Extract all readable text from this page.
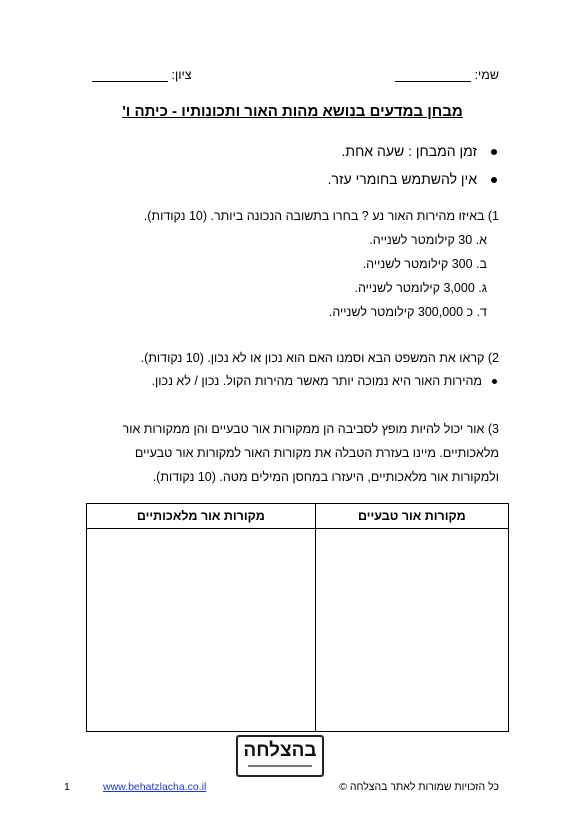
שמי:
ציון:
מבחן במדעים בנושא מהות האור ותכונותיו - כיתה ו'
זמן המבחן : שעה אחת.
אין להשתמש בחומרי עזר.
1) באיזו מהירות האור נע ? בחרו בתשובה הנכונה ביותר. (10 נקודות).
א. 30 קילומטר לשנייה.
ב. 300 קילומטר לשנייה.
ג. 3,000 קילומטר לשנייה.
ד. כ 300,000 קילומטר לשנייה.
2) קראו את המשפט הבא וסמנו האם הוא נכון או לא נכון. (10 נקודות).
מהירות האור היא נמוכה יותר מאשר מהירות הקול. נכון / לא נכון.
3) אור יכול להיות מופץ לסביבה הן ממקורות אור טבעיים והן ממקורות אור
מלאכותיים. מיינו בעזרת הטבלה את מקורות האור למקורות אור טבעיים
ולמקורות אור מלאכותיים, היעזרו במחסן המילים מטה. (10 נקודות).
מקורות אור טבעיים	מקורות אור מלאכותיים

בהצלחה
1	www.behatzlacha.co.il	כל הזכויות שמורות לאתר בהצלחה ©
